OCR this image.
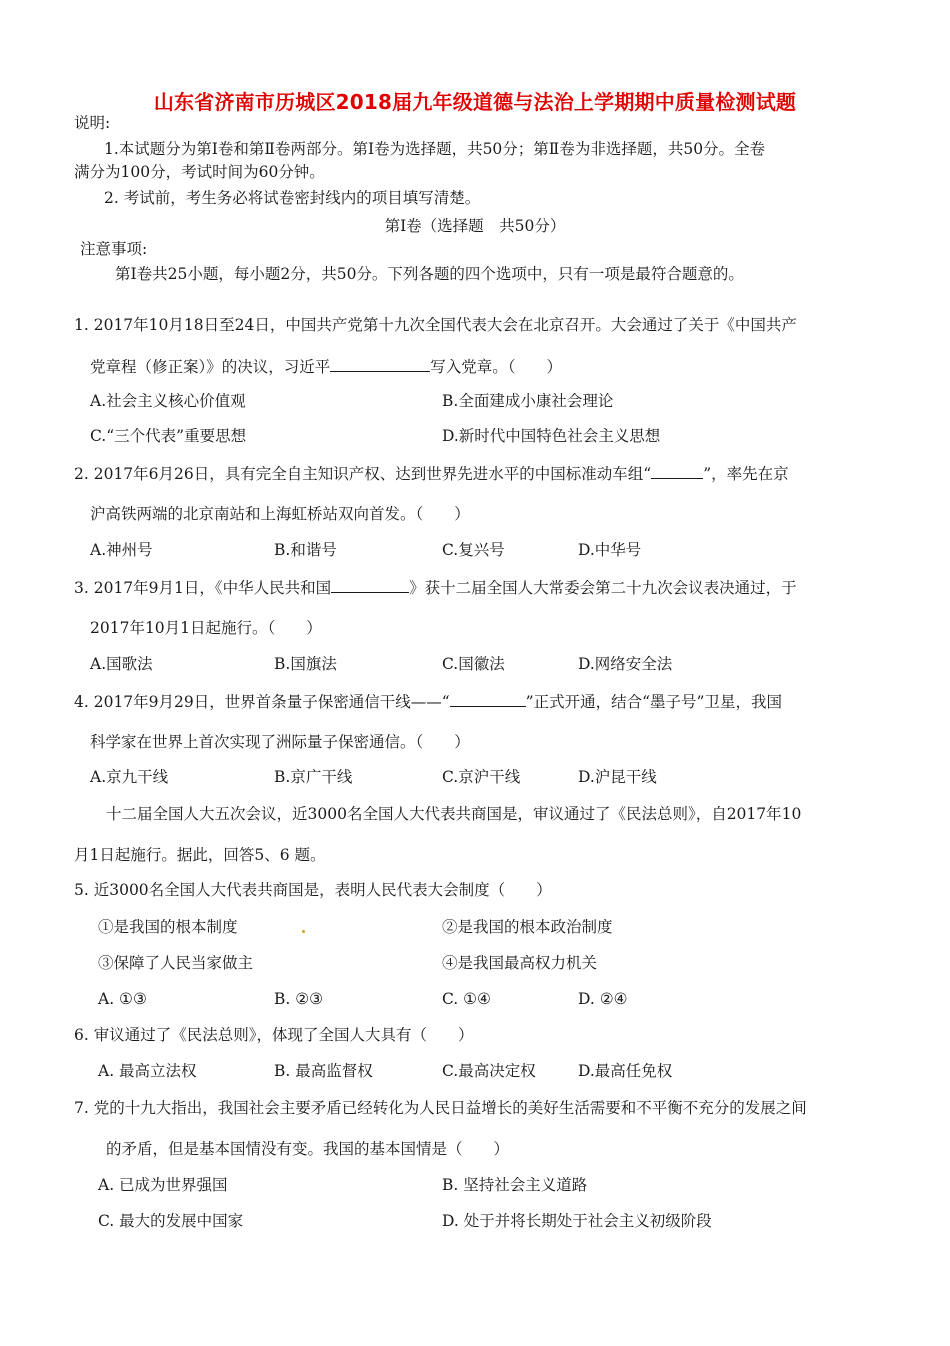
山东省济南市历城区2018届九年级道德与法治上学期期中质量检测试题
说明:
1.本试题分为第Ⅰ卷和第Ⅱ卷两部分。第Ⅰ卷为选择题，共50分；第Ⅱ卷为非选择题，共50分。全卷
满分为100分，考试时间为60分钟。
2. 考试前，考生务必将试卷密封线内的项目填写清楚。
第Ⅰ卷（选择题　共50分）
注意事项:
第Ⅰ卷共25小题，每小题2分，共50分。下列各题的四个选项中，只有一项是最符合题意的。
1. 2017年10月18日至24日，中国共产党第十九次全国代表大会在北京召开。大会通过了关于《中国共产
党章程（修正案）》的决议，习近平	写入党章。（　　）
A.社会主义核心价值观	B.全面建成小康社会理论
C.“三个代表”重要思想	D.新时代中国特色社会主义思想
2. 2017年6月26日，具有完全自主知识产权、达到世界先进水平的中国标准动车组“	”，率先在京
沪高铁两端的北京南站和上海虹桥站双向首发。（　　）
A.神州号	B.和谐号	C.复兴号	D.中华号
3. 2017年9月1日，《中华人民共和国	》获十二届全国人大常委会第二十九次会议表决通过，于
2017年10月1日起施行。（　　）
A.国歌法	B.国旗法	C.国徽法	D.网络安全法
4. 2017年9月29日，世界首条量子保密通信干线——“	”正式开通，结合“墨子号”卫星，我国
科学家在世界上首次实现了洲际量子保密通信。（　　）
A.京九干线	B.京广干线	C.京沪干线	D.沪昆干线
十二届全国人大五次会议，近3000名全国人大代表共商国是，审议通过了《民法总则》，自2017年10
月1日起施行。据此，回答5、6 题。
5. 近3000名全国人大代表共商国是，表明人民代表大会制度（　　）
①是我国的根本制度	②是我国的根本政治制度
③保障了人民当家做主	④是我国最高权力机关
A. ①③	B. ②③	C. ①④	D. ②④
6. 审议通过了《民法总则》，体现了全国人大具有（　　）
A. 最高立法权	B. 最高监督权	C.最高决定权	D.最高任免权
7. 党的十九大指出，我国社会主要矛盾已经转化为人民日益增长的美好生活需要和不平衡不充分的发展之间
的矛盾，但是基本国情没有变。我国的基本国情是（　　）
A. 已成为世界强国	B. 坚持社会主义道路
C. 最大的发展中国家	D. 处于并将长期处于社会主义初级阶段
